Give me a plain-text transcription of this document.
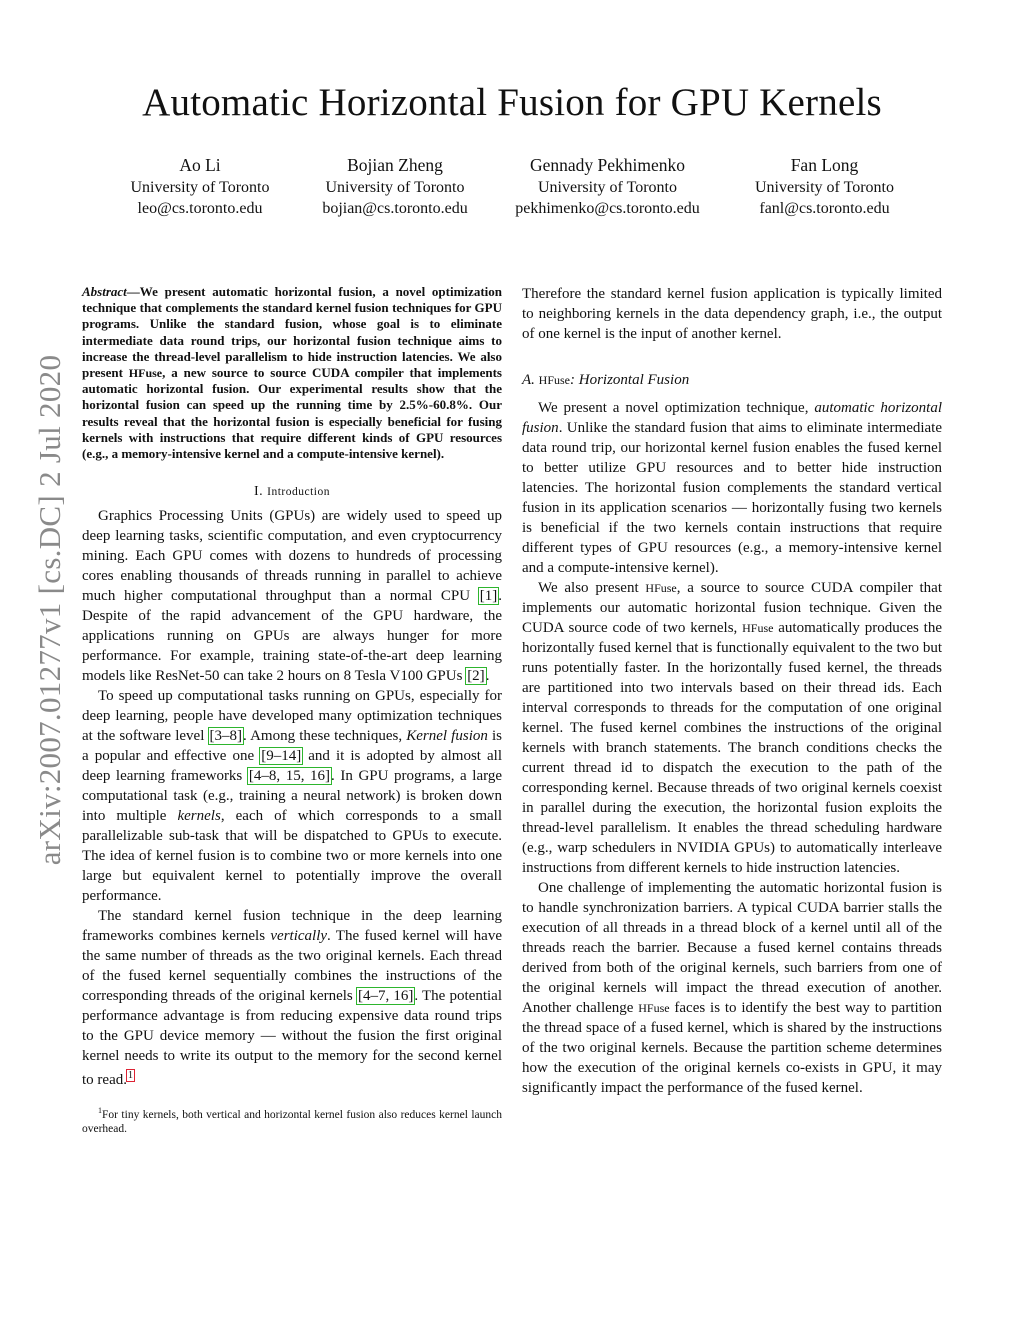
Automatic Horizontal Fusion for GPU Kernels
Ao Li
University of Toronto
leo@cs.toronto.edu
Bojian Zheng
University of Toronto
bojian@cs.toronto.edu
Gennady Pekhimenko
University of Toronto
pekhimenko@cs.toronto.edu
Fan Long
University of Toronto
fanl@cs.toronto.edu
arXiv:2007.01277v1 [cs.DC] 2 Jul 2020
Abstract—We present automatic horizontal fusion, a novel optimization technique that complements the standard kernel fusion techniques for GPU programs. Unlike the standard fusion, whose goal is to eliminate intermediate data round trips, our horizontal fusion technique aims to increase the thread-level parallelism to hide instruction latencies. We also present HFuse, a new source to source CUDA compiler that implements automatic horizontal fusion. Our experimental results show that the horizontal fusion can speed up the running time by 2.5%-60.8%. Our results reveal that the horizontal fusion is especially beneficial for fusing kernels with instructions that require different kinds of GPU resources (e.g., a memory-intensive kernel and a compute-intensive kernel).
I. Introduction

Graphics Processing Units (GPUs) are widely used to speed up deep learning tasks, scientific computation, and even cryptocurrency mining. Each GPU comes with dozens to hundreds of processing cores enabling thousands of threads running in parallel to achieve much higher computational throughput than a normal CPU [1]. Despite of the rapid advancement of the GPU hardware, the applications running on GPUs are always hunger for more performance. For example, training state-of-the-art deep learning models like ResNet-50 can take 2 hours on 8 Tesla V100 GPUs [2].

To speed up computational tasks running on GPUs, especially for deep learning, people have developed many optimization techniques at the software level [3–8]. Among these techniques, Kernel fusion is a popular and effective one [9–14] and it is adopted by almost all deep learning frameworks [4–8, 15, 16]. In GPU programs, a large computational task (e.g., training a neural network) is broken down into multiple kernels, each of which corresponds to a small parallelizable sub-task that will be dispatched to GPUs to execute. The idea of kernel fusion is to combine two or more kernels into one large but equivalent kernel to potentially improve the overall performance.

The standard kernel fusion technique in the deep learning frameworks combines kernels vertically. The fused kernel will have the same number of threads as the two original kernels. Each thread of the fused kernel sequentially combines the instructions of the corresponding threads of the original kernels [4–7, 16]. The potential performance advantage is from reducing expensive data round trips to the GPU device memory — without the fusion the first original kernel needs to write its output to the memory for the second kernel to read.$^1$

$^1$For tiny kernels, both vertical and horizontal kernel fusion also reduces kernel launch overhead.

Therefore the standard kernel fusion application is typically limited to neighboring kernels in the data dependency graph, i.e., the output of one kernel is the input of another kernel.

A. HFuse: Horizontal Fusion

We present a novel optimization technique, automatic horizontal fusion. Unlike the standard fusion that aims to eliminate intermediate data round trip, our horizontal kernel fusion enables the fused kernel to better utilize GPU resources and to better hide instruction latencies. The horizontal fusion complements the standard vertical fusion in its application scenarios — horizontally fusing two kernels is beneficial if the two kernels contain instructions that require different types of GPU resources (e.g., a memory-intensive kernel and a compute-intensive kernel).

We also present HFuse, a source to source CUDA compiler that implements our automatic horizontal fusion technique. Given the CUDA source code of two kernels, HFuse automatically produces the horizontally fused kernel that is functionally equivalent to the two but runs potentially faster. In the horizontally fused kernel, the threads are partitioned into two intervals based on their thread ids. Each interval corresponds to threads for the computation of one original kernel. The fused kernel combines the instructions of the original kernels with branch statements. The branch conditions checks the current thread id to dispatch the execution to the path of the corresponding kernel. Because threads of two original kernels coexist in parallel during the execution, the horizontal fusion exploits the thread-level parallelism. It enables the thread scheduling hardware (e.g., warp schedulers in NVIDIA GPUs) to automatically interleave instructions from different kernels to hide instruction latencies.

One challenge of implementing the automatic horizontal fusion is to handle synchronization barriers. A typical CUDA barrier stalls the execution of all threads in a thread block of a kernel until all of the threads reach the barrier. Because a fused kernel contains threads derived from both of the original kernels, such barriers from one of the original kernels will impact the thread execution of another. Another challenge HFuse faces is to identify the best way to partition the thread space of a fused kernel, which is shared by the instructions of the two original kernels. Because the partition scheme determines how the execution of the original kernels co-exists in GPU, it may significantly impact the performance of the fused kernel.
